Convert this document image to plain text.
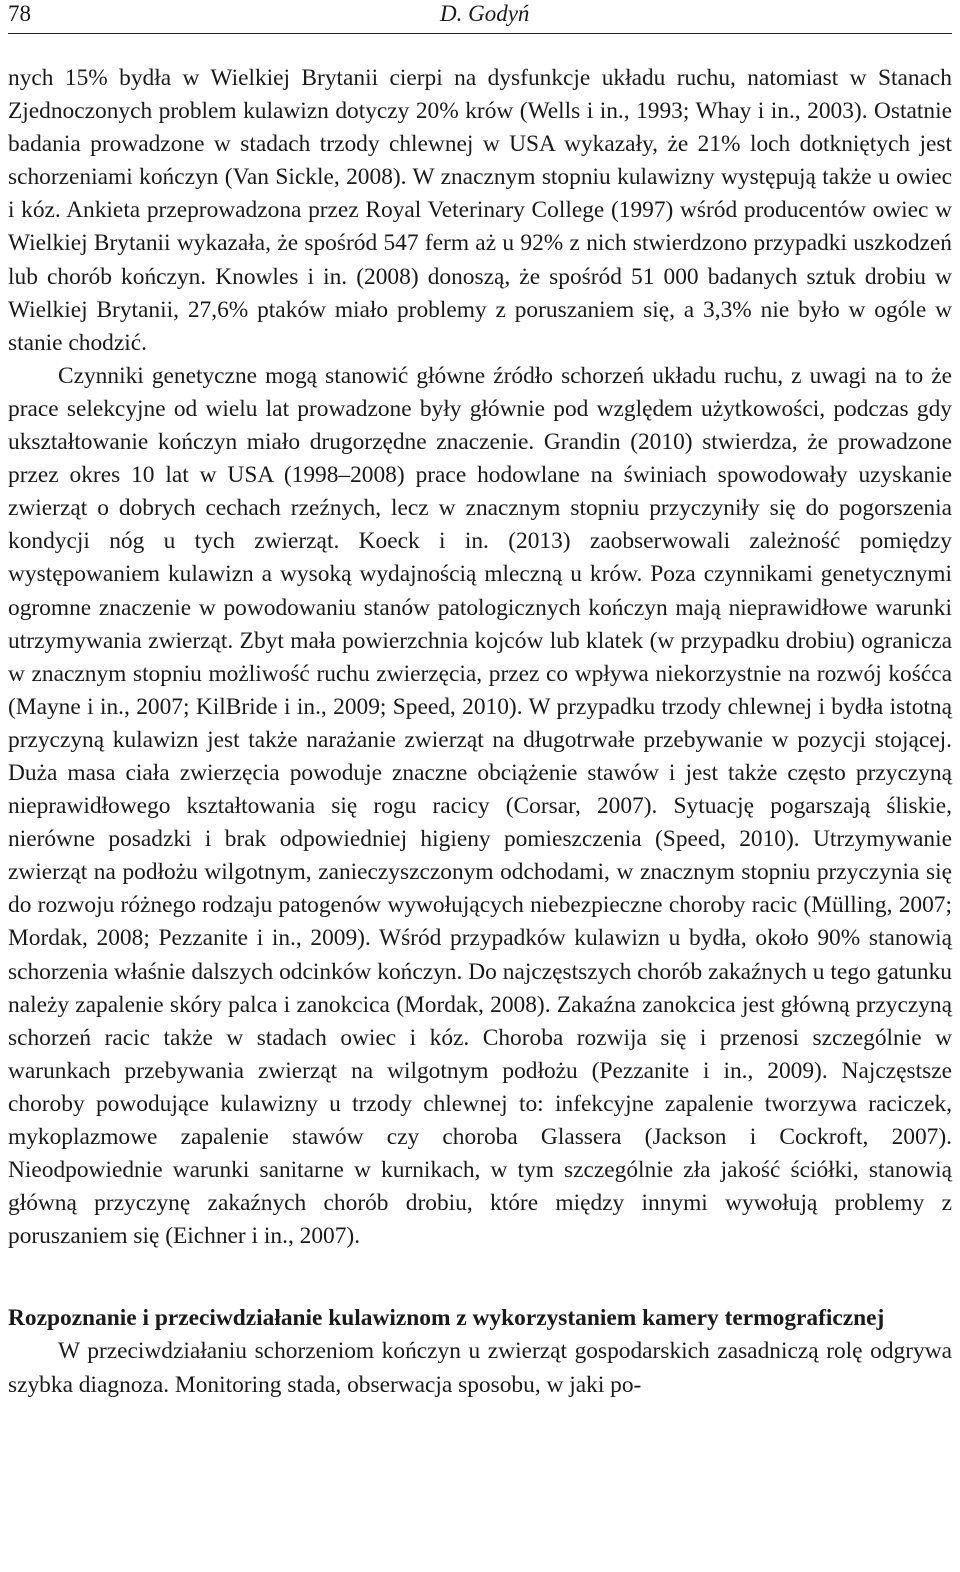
78	D. Godyń

nych 15% bydła w Wielkiej Brytanii cierpi na dysfunkcje układu ruchu, natomiast w Stanach Zjednoczonych problem kulawizn dotyczy 20% krów (Wells i in., 1993; Whay i in., 2003). Ostatnie badania prowadzone w stadach trzody chlewnej w USA wykazały, że 21% loch dotkniętych jest schorzeniami kończyn (Van Sickle, 2008). W znacznym stopniu kulawizny występują także u owiec i kóz. Ankieta przeprowadzona przez Royal Veterinary College (1997) wśród producentów owiec w Wielkiej Brytanii wykazała, że spośród 547 ferm aż u 92% z nich stwierdzono przypadki uszkodzeń lub chorób kończyn. Knowles i in. (2008) donoszą, że spośród 51 000 badanych sztuk drobiu w Wielkiej Brytanii, 27,6% ptaków miało problemy z poruszaniem się, a 3,3% nie było w ogóle w stanie chodzić.

Czynniki genetyczne mogą stanowić główne źródło schorzeń układu ruchu, z uwagi na to że prace selekcyjne od wielu lat prowadzone były głównie pod względem użytkowości, podczas gdy ukształtowanie kończyn miało drugorzędne znaczenie. Grandin (2010) stwierdza, że prowadzone przez okres 10 lat w USA (1998–2008) prace hodowlane na świniach spowodowały uzyskanie zwierząt o dobrych cechach rzeźnych, lecz w znacznym stopniu przyczyniły się do pogorszenia kondycji nóg u tych zwierząt. Koeck i in. (2013) zaobserwowali zależność pomiędzy występowaniem kulawizn a wysoką wydajnością mleczną u krów. Poza czynnikami genetycznymi ogromne znaczenie w powodowaniu stanów patologicznych kończyn mają nieprawidłowe warunki utrzymywania zwierząt. Zbyt mała powierzchnia kojców lub klatek (w przypadku drobiu) ogranicza w znacznym stopniu możliwość ruchu zwierzęcia, przez co wpływa niekorzystnie na rozwój kośćca (Mayne i in., 2007; KilBride i in., 2009; Speed, 2010). W przypadku trzody chlewnej i bydła istotną przyczyną kulawizn jest także narażanie zwierząt na długotrwałe przebywanie w pozycji stojącej. Duża masa ciała zwierzęcia powoduje znaczne obciążenie stawów i jest także często przyczyną nieprawidłowego kształtowania się rogu racicy (Corsar, 2007). Sytuację pogarszają śliskie, nierówne posadzki i brak odpowiedniej higieny pomieszczenia (Speed, 2010). Utrzymywanie zwierząt na podłożu wilgotnym, zanieczyszczonym odchodami, w znacznym stopniu przyczynia się do rozwoju różnego rodzaju patogenów wywołujących niebezpieczne choroby racic (Mülling, 2007; Mordak, 2008; Pezzanite i in., 2009). Wśród przypadków kulawizn u bydła, około 90% stanowią schorzenia właśnie dalszych odcinków kończyn. Do najczęstszych chorób zakaźnych u tego gatunku należy zapalenie skóry palca i zanokcica (Mordak, 2008). Zakaźna zanokcica jest główną przyczyną schorzeń racic także w stadach owiec i kóz. Choroba rozwija się i przenosi szczególnie w warunkach przebywania zwierząt na wilgotnym podłożu (Pezzanite i in., 2009). Najczęstsze choroby powodujące kulawizny u trzody chlewnej to: infekcyjne zapalenie tworzywa raciczek, mykoplazmowe zapalenie stawów czy choroba Glassera (Jackson i Cockroft, 2007). Nieodpowiednie warunki sanitarne w kurnikach, w tym szczególnie zła jakość ściółki, stanowią główną przyczynę zakaźnych chorób drobiu, które między innymi wywołują problemy z poruszaniem się (Eichner i in., 2007).

Rozpoznanie i przeciwdziałanie kulawiznom z wykorzystaniem kamery termograficznej

W przeciwdziałaniu schorzeniom kończyn u zwierząt gospodarskich zasadniczą rolę odgrywa szybka diagnoza. Monitoring stada, obserwacja sposobu, w jaki po-
